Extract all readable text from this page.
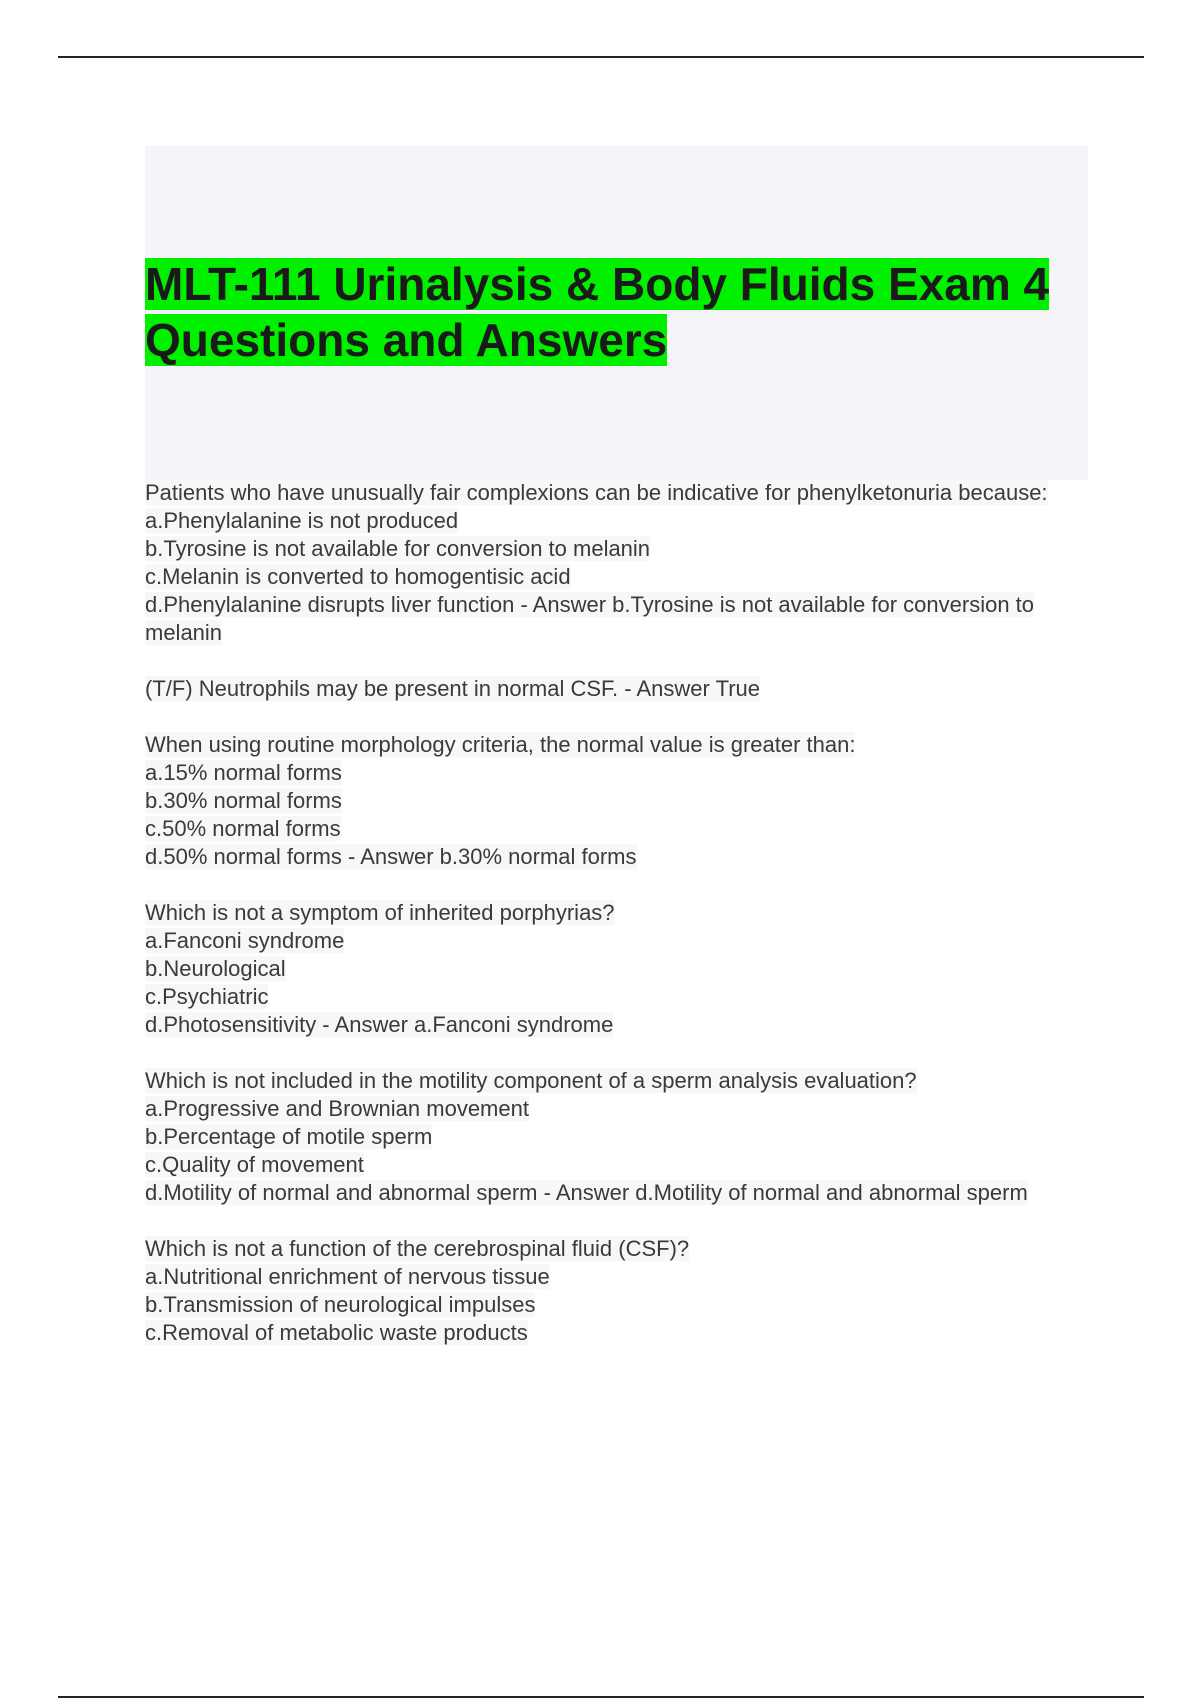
MLT-111 Urinalysis & Body Fluids Exam 4 Questions and Answers
Patients who have unusually fair complexions can be indicative for phenylketonuria because:
a.Phenylalanine is not produced
b.Tyrosine is not available for conversion to melanin
c.Melanin is converted to homogentisic acid
d.Phenylalanine disrupts liver function - Answer b.Tyrosine is not available for conversion to melanin
(T/F) Neutrophils may be present in normal CSF. - Answer True
When using routine morphology criteria, the normal value is greater than:
a.15% normal forms
b.30% normal forms
c.50% normal forms
d.50% normal forms - Answer b.30% normal forms
Which is not a symptom of inherited porphyrias?
a.Fanconi syndrome
b.Neurological
c.Psychiatric
d.Photosensitivity - Answer a.Fanconi syndrome
Which is not included in the motility component of a sperm analysis evaluation?
a.Progressive and Brownian movement
b.Percentage of motile sperm
c.Quality of movement
d.Motility of normal and abnormal sperm - Answer d.Motility of normal and abnormal sperm
Which is not a function of the cerebrospinal fluid (CSF)?
a.Nutritional enrichment of nervous tissue
b.Transmission of neurological impulses
c.Removal of metabolic waste products
